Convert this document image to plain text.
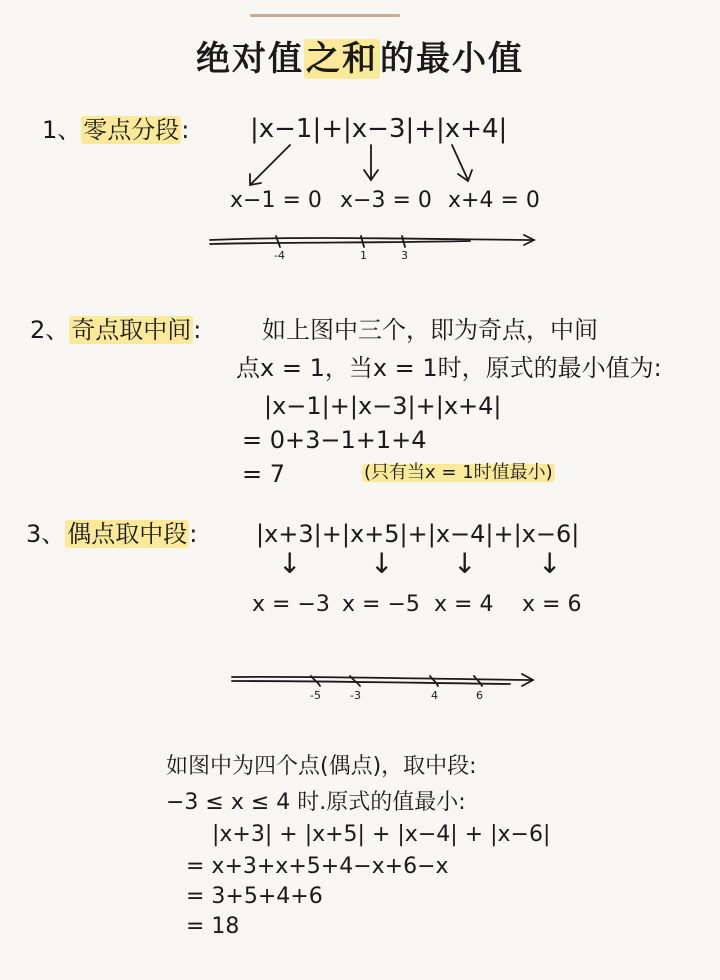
绝对值之和的最小值
1、零点分段: |x−1|+|x−3|+|x+4|
x−1 = 0 x−3 = 0 x+4 = 0
-4	1	3
2、奇点取中间:	如上图中三个，即为奇点，中间
点x = 1，当x = 1时，原式的最小值为:
|x−1|+|x−3|+|x+4|
= 0+3−1+1+4
= 7	(只有当x = 1时值最小)
3、偶点取中段: |x+3|+|x+5|+|x−4|+|x−6|
↓ ↓ ↓ ↓
x = −3 x = −5 x = 4 x = 6
-5	-3	4	6
如图中为四个点(偶点)，取中段:
−3 ≤ x ≤ 4 时.原式的值最小:
|x+3| + |x+5| + |x−4| + |x−6|
= x+3+x+5+4−x+6−x
= 3+5+4+6
= 18
